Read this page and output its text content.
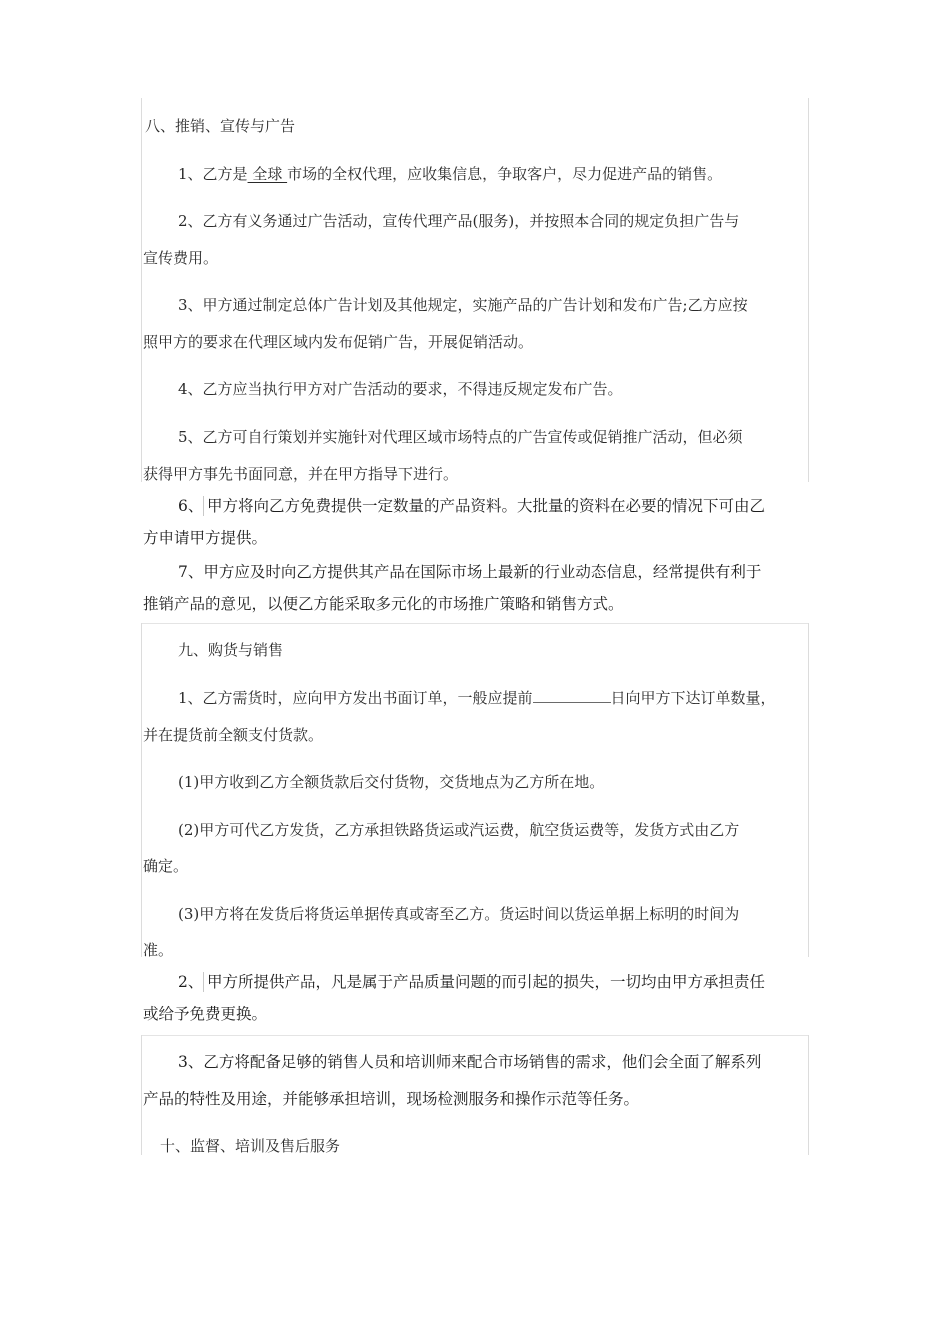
八、推销、宣传与广告
1、乙方是 全球 市场的全权代理，应收集信息，争取客户，尽力促进产品的销售。
2、乙方有义务通过广告活动，宣传代理产品(服务)，并按照本合同的规定负担广告与
宣传费用。
3、甲方通过制定总体广告计划及其他规定，实施产品的广告计划和发布广告;乙方应按
照甲方的要求在代理区域内发布促销广告，开展促销活动。
4、乙方应当执行甲方对广告活动的要求，不得违反规定发布广告。
5、乙方可自行策划并实施针对代理区域市场特点的广告宣传或促销推广活动，但必须
获得甲方事先书面同意，并在甲方指导下进行。
6、 甲方将向乙方免费提供一定数量的产品资料。大批量的资料在必要的情况下可由乙
方申请甲方提供。
7、甲方应及时向乙方提供其产品在国际市场上最新的行业动态信息，经常提供有利于
推销产品的意见，以便乙方能采取多元化的市场推广策略和销售方式。
九、购货与销售
1、乙方需货时，应向甲方发出书面订单，一般应提前	日向甲方下达订单数量，
并在提货前全额支付货款。
(1)甲方收到乙方全额货款后交付货物，交货地点为乙方所在地。
(2)甲方可代乙方发货，乙方承担铁路货运或汽运费，航空货运费等，发货方式由乙方
确定。
(3)甲方将在发货后将货运单据传真或寄至乙方。货运时间以货运单据上标明的时间为
准。
2、 甲方所提供产品，凡是属于产品质量问题的而引起的损失，一切均由甲方承担责任
或给予免费更换。
3、乙方将配备足够的销售人员和培训师来配合市场销售的需求，他们会全面了解系列
产品的特性及用途，并能够承担培训，现场检测服务和操作示范等任务。
十、监督、培训及售后服务
